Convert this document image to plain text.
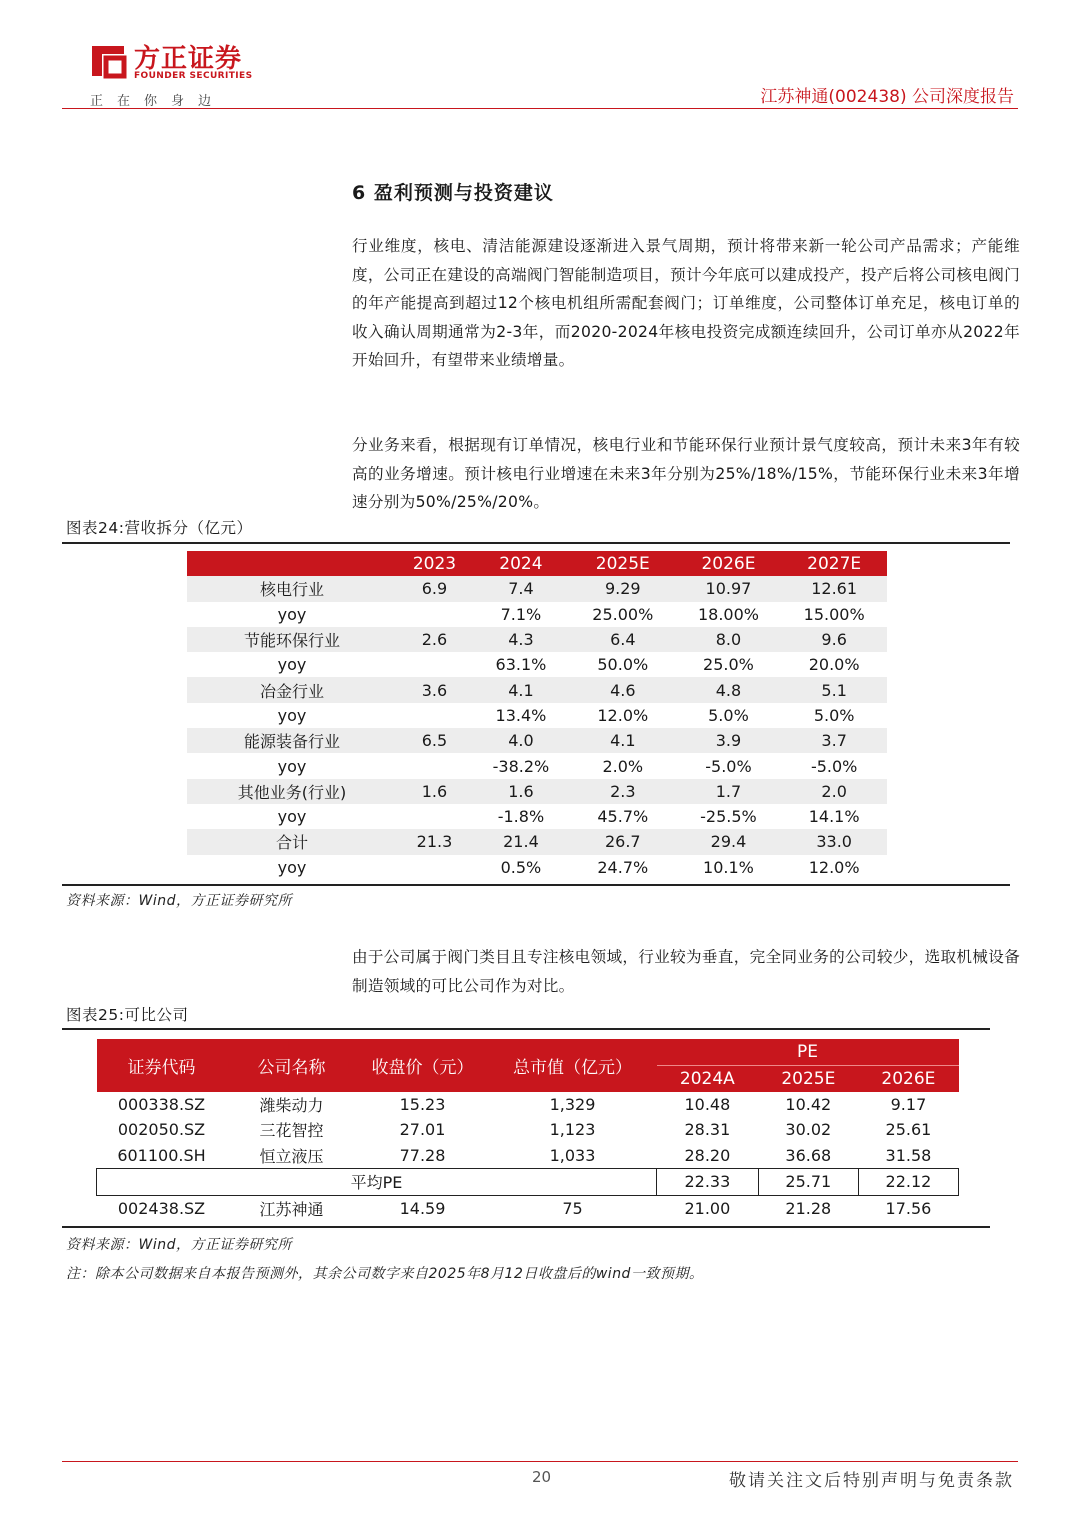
方正证券
FOUNDER SECURITIES
正在你身边	江苏神通(002438) 公司深度报告
6 盈利预测与投资建议
行业维度，核电、清洁能源建设逐渐进入景气周期，预计将带来新一轮公司产品需求；产能维度，公司正在建设的高端阀门智能制造项目，预计今年底可以建成投产，投产后将公司核电阀门的年产能提高到超过12个核电机组所需配套阀门；订单维度，公司整体订单充足，核电订单的收入确认周期通常为2-3年，而2020-2024年核电投资完成额连续回升，公司订单亦从2022年开始回升，有望带来业绩增量。
分业务来看，根据现有订单情况，核电行业和节能环保行业预计景气度较高，预计未来3年有较高的业务增速。预计核电行业增速在未来3年分别为25%/18%/15%，节能环保行业未来3年增速分别为50%/25%/20%。
图表24:营收拆分（亿元）
	2023	2024	2025E	2026E	2027E
核电行业	6.9	7.4	9.29	10.97	12.61
yoy		7.1%	25.00%	18.00%	15.00%
节能环保行业	2.6	4.3	6.4	8.0	9.6
yoy		63.1%	50.0%	25.0%	20.0%
冶金行业	3.6	4.1	4.6	4.8	5.1
yoy		13.4%	12.0%	5.0%	5.0%
能源装备行业	6.5	4.0	4.1	3.9	3.7
yoy		-38.2%	2.0%	-5.0%	-5.0%
其他业务(行业)	1.6	1.6	2.3	1.7	2.0
yoy		-1.8%	45.7%	-25.5%	14.1%
合计	21.3	21.4	26.7	29.4	33.0
yoy		0.5%	24.7%	10.1%	12.0%
资料来源：Wind，方正证券研究所
由于公司属于阀门类目且专注核电领域，行业较为垂直，完全同业务的公司较少，选取机械设备制造领域的可比公司作为对比。
图表25:可比公司
证券代码	公司名称	收盘价（元）	总市值（亿元）	PE		
				2024A	2025E	2026E
000338.SZ	潍柴动力	15.23	1,329	10.48	10.42	9.17
002050.SZ	三花智控	27.01	1,123	28.31	30.02	25.61
601100.SH	恒立液压	77.28	1,033	28.20	36.68	31.58
平均PE				22.33	25.71	22.12
002438.SZ	江苏神通	14.59	75	21.00	21.28	17.56
资料来源：Wind，方正证券研究所
注：除本公司数据来自本报告预测外，其余公司数字来自2025年8月12日收盘后的wind一致预期。
20	敬请关注文后特别声明与免责条款
